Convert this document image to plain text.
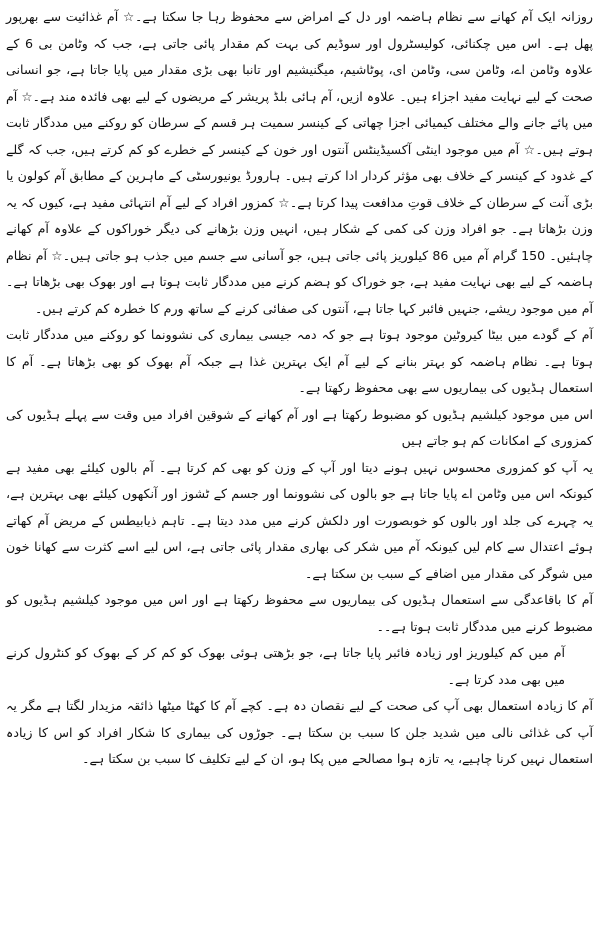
روزانہ ایک آم کھانے سے نظام ہاضمہ اور دل کے امراض سے محفوظ رہا جا سکتا ہے۔☆ آم غذائیت سے بھرپور پھل ہے۔ اس میں چکنائی، کولیسٹرول اور سوڈیم کی بہت کم مقدار پائی جاتی ہے، جب کہ وٹامن بی 6 کے علاوہ وٹامن اے، وٹامن سی، وٹامن ای، پوٹاشیم، میگنیشیم اور تانبا بھی بڑی مقدار میں پایا جاتا ہے، جو انسانی صحت کے لیے نہایت مفید اجزاء ہیں۔ علاوہ ازیں، آم ہائی بلڈ پریشر کے مریضوں کے لیے بھی فائدہ مند ہے۔☆ آم میں پائے جانے والے مختلف کیمیائی اجزا چھاتی کے کینسر سمیت ہر قسم کے سرطان کو روکنے میں مددگار ثابت ہوتے ہیں۔☆ آم میں موجود اینٹی آکسیڈینٹس آنتوں اور خون کے کینسر کے خطرے کو کم کرتے ہیں، جب کہ گلے کے غدود کے کینسر کے خلاف بھی مؤثر کردار ادا کرتے ہیں۔ ہارورڈ یونیورسٹی کے ماہرین کے مطابق آم کولون یا بڑی آنت کے سرطان کے خلاف قوتِ مدافعت پیدا کرتا ہے۔☆ کمزور افراد کے لیے آم انتہائی مفید ہے، کیوں کہ یہ وزن بڑھاتا ہے۔ جو افراد وزن کی کمی کے شکار ہیں، انہیں وزن بڑھانے کی دیگر خوراکوں کے علاوہ آم کھانے چاہئیں۔ 150 گرام آم میں 86 کیلوریز پائی جاتی ہیں، جو آسانی سے جسم میں جذب ہو جاتی ہیں۔☆ آم نظام ہاضمہ کے لیے بھی نہایت مفید ہے، جو خوراک کو ہضم کرنے میں مددگار ثابت ہوتا ہے اور بھوک بھی بڑھاتا ہے۔ آم میں موجود ریشے، جنہیں فائبر کہا جاتا ہے، آنتوں کی صفائی کرنے کے ساتھ ورم کا خطرہ کم کرتے ہیں۔

آم کے گودے میں بیٹا کیروٹین موجود ہوتا ہے جو کہ دمہ جیسی بیماری کی نشوونما کو روکنے میں مددگار ثابت ہوتا ہے۔ نظام ہاضمہ کو بہتر بنانے کے لیے آم ایک بہترین غذا ہے جبکہ آم بھوک کو بھی بڑھاتا ہے۔ آم کا استعمال ہڈیوں کی بیماریوں سے بھی محفوظ رکھتا ہے۔

اس میں موجود کیلشیم ہڈیوں کو مضبوط رکھتا ہے اور آم کھانے کے شوقین افراد میں وقت سے پہلے ہڈیوں کی کمزوری کے امکانات کم ہو جاتے ہیں

یہ آپ کو کمزوری محسوس نہیں ہونے دیتا اور آپ کے وزن کو بھی کم کرتا ہے۔ آم بالوں کیلئے بھی مفید ہے کیونکہ اس میں وٹامن اے پایا جاتا ہے جو بالوں کی نشوونما اور جسم کے ٹشوز اور آنکھوں کیلئے بھی بہترین ہے، یہ چہرے کی جلد اور بالوں کو خوبصورت اور دلکش کرنے میں مدد دیتا ہے۔ تاہم ذیابیطس کے مریض آم کھاتے ہوئے اعتدال سے کام لیں کیونکہ آم میں شکر کی بھاری مقدار پائی جاتی ہے، اس لیے اسے کثرت سے کھانا خون میں شوگر کی مقدار میں اضافے کے سبب بن سکتا ہے۔

آم کا باقاعدگی سے استعمال ہڈیوں کی بیماریوں سے محفوظ رکھتا ہے اور اس میں موجود کیلشیم ہڈیوں کو مضبوط کرنے میں مددگار ثابت ہوتا ہے۔۔

آم میں کم کیلوریز اور زیادہ فائبر پایا جاتا ہے، جو بڑھتی ہوئی بھوک کو کم کر کے بھوک کو کنٹرول کرنے میں بھی مدد کرتا ہے۔

آم کا زیادہ استعمال بھی آپ کی صحت کے لیے نقصان دہ ہے۔ کچے آم کا کھٹا میٹھا ذائقہ مزیدار لگتا ہے مگر یہ آپ کی غذائی نالی میں شدید جلن کا سبب بن سکتا ہے۔ جوڑوں کی بیماری کا شکار افراد کو اس کا زیادہ استعمال نہیں کرنا چاہیے، یہ تازہ ہوا مصالحے میں پکا ہو، ان کے لیے تکلیف کا سبب بن سکتا ہے۔
